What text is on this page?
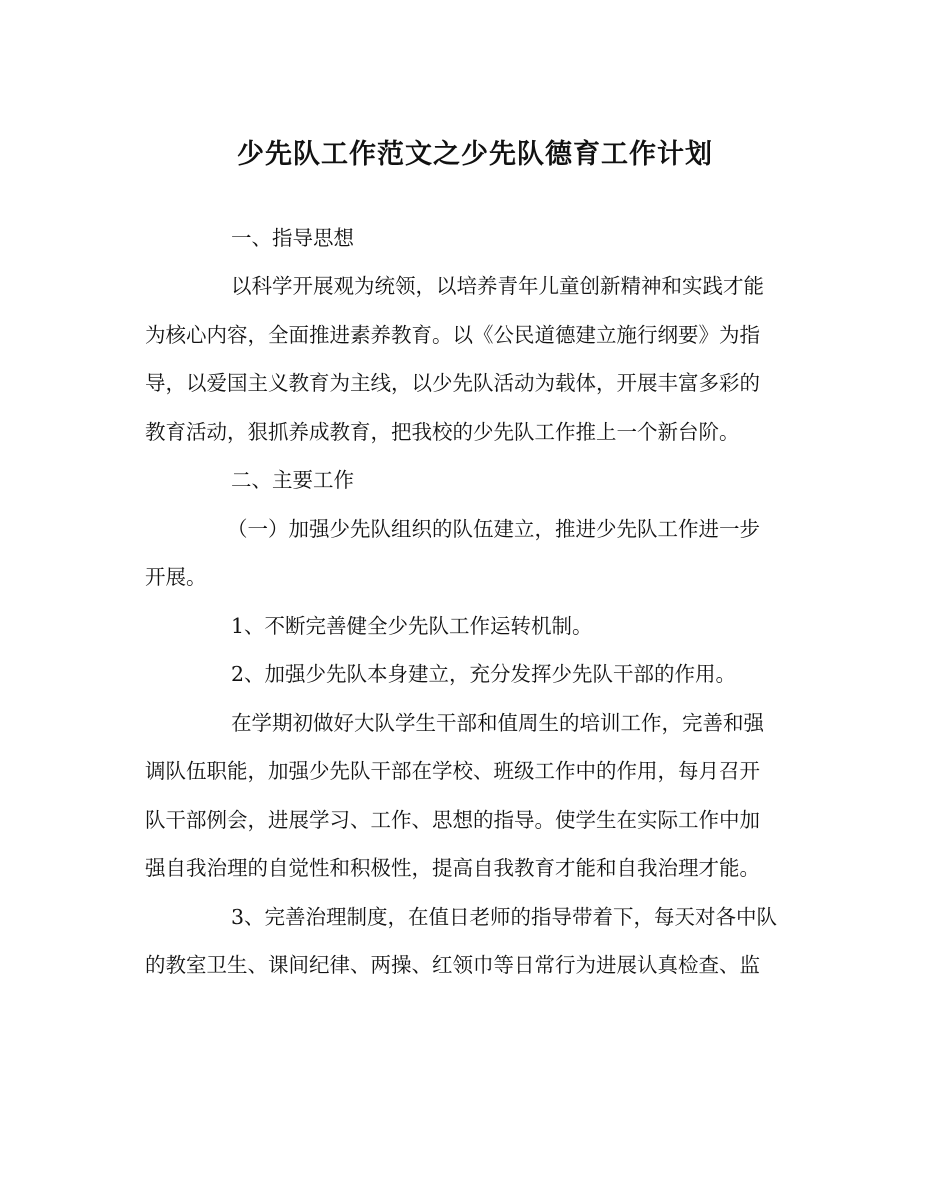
少先队工作范文之少先队德育工作计划
一、指导思想
以科学开展观为统领，以培养青年儿童创新精神和实践才能
为核心内容，全面推进素养教育。以《公民道德建立施行纲要》为指
导，以爱国主义教育为主线，以少先队活动为载体，开展丰富多彩的
教育活动，狠抓养成教育，把我校的少先队工作推上一个新台阶。
二、主要工作
（一）加强少先队组织的队伍建立，推进少先队工作进一步
开展。
1、不断完善健全少先队工作运转机制。
2、加强少先队本身建立，充分发挥少先队干部的作用。
在学期初做好大队学生干部和值周生的培训工作，完善和强
调队伍职能，加强少先队干部在学校、班级工作中的作用，每月召开
队干部例会，进展学习、工作、思想的指导。使学生在实际工作中加
强自我治理的自觉性和积极性，提高自我教育才能和自我治理才能。
3、完善治理制度，在值日老师的指导带着下，每天对各中队
的教室卫生、课间纪律、两操、红领巾等日常行为进展认真检查、监
